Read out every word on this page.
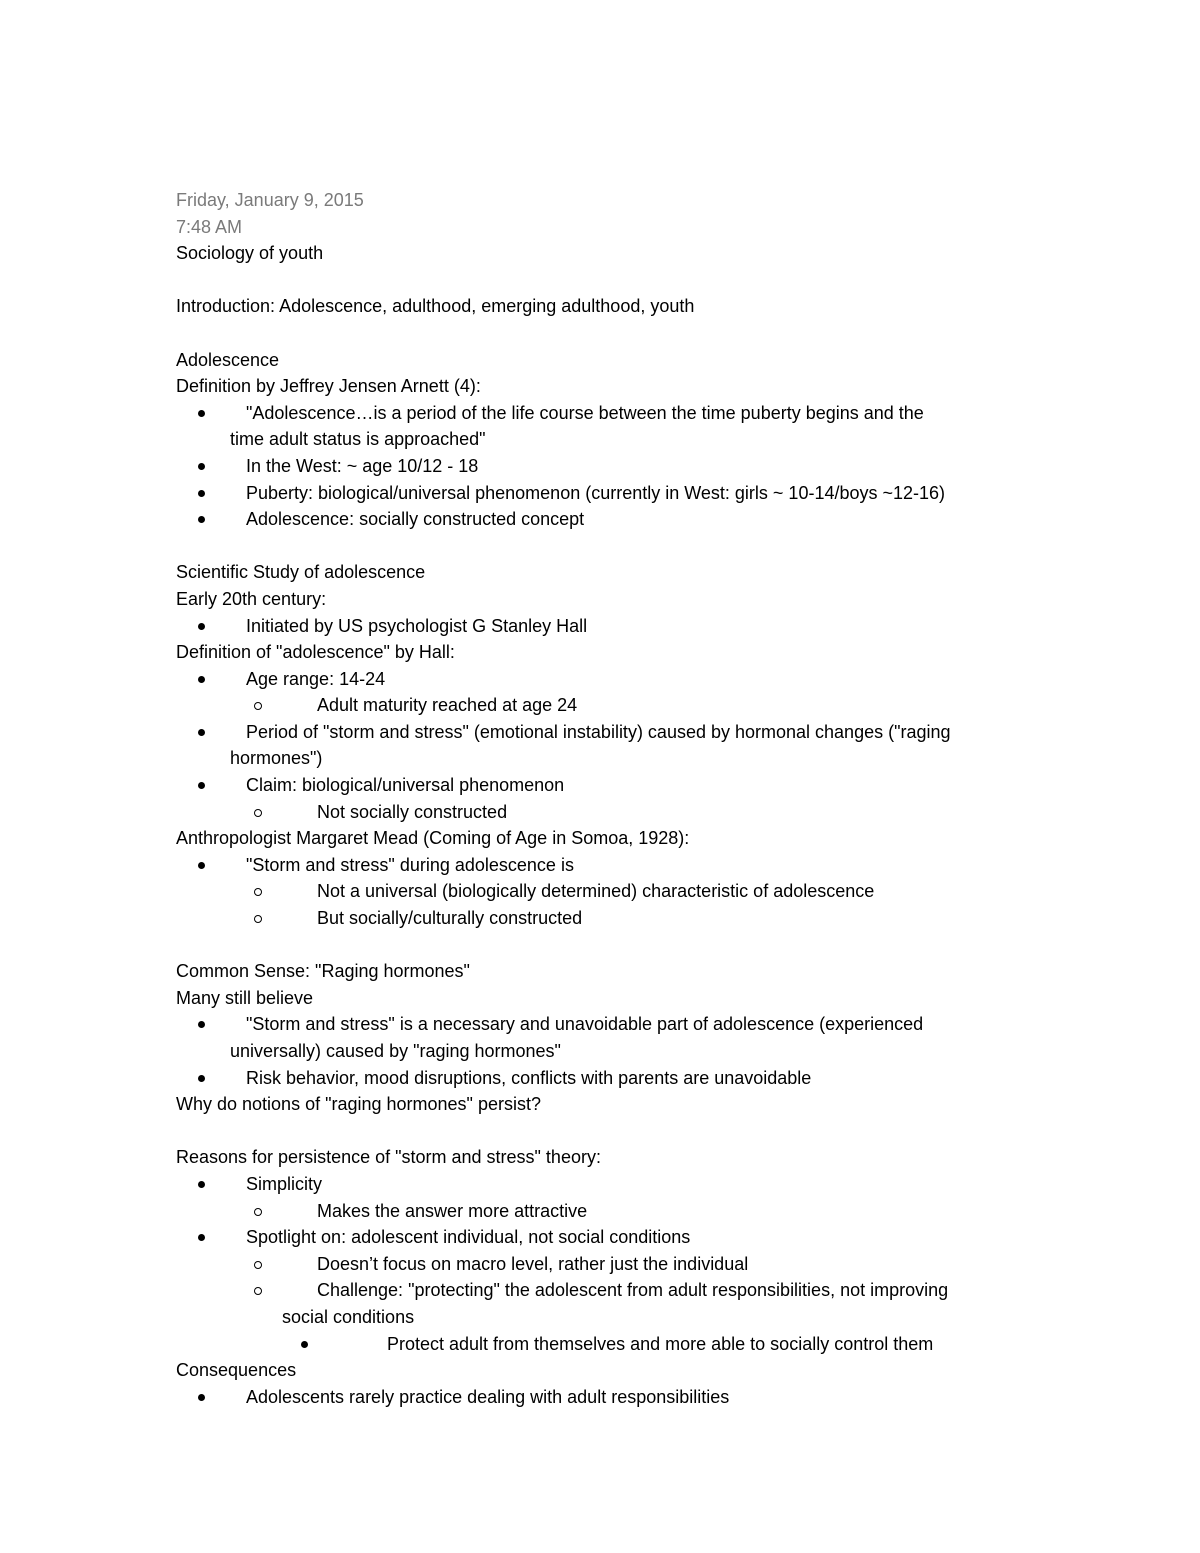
Friday, January 9, 2015
7:48 AM
Sociology of youth
Introduction: Adolescence, adulthood, emerging adulthood, youth
Adolescence
Definition by Jeffrey Jensen Arnett (4):
"Adolescence…is a period of the life course between the time puberty begins and the
time adult status is approached"
In the West: ~ age 10/12 - 18
Puberty: biological/universal phenomenon (currently in West: girls ~ 10-14/boys ~12-16)
Adolescence: socially constructed concept
Scientific Study of adolescence
Early 20th century:
Initiated by US psychologist G Stanley Hall
Definition of "adolescence" by Hall:
Age range: 14-24
Adult maturity reached at age 24
Period of "storm and stress" (emotional instability) caused by hormonal changes ("raging
hormones")
Claim: biological/universal phenomenon
Not socially constructed
Anthropologist Margaret Mead (Coming of Age in Somoa, 1928):
"Storm and stress" during adolescence is
Not a universal (biologically determined) characteristic of adolescence
But socially/culturally constructed
Common Sense: "Raging hormones"
Many still believe
"Storm and stress" is a necessary and unavoidable part of adolescence (experienced
universally) caused by "raging hormones"
Risk behavior, mood disruptions, conflicts with parents are unavoidable
Why do notions of "raging hormones" persist?
Reasons for persistence of "storm and stress" theory:
Simplicity
Makes the answer more attractive
Spotlight on: adolescent individual, not social conditions
Doesn’t focus on macro level, rather just the individual
Challenge: "protecting" the adolescent from adult responsibilities, not improving
social conditions
Protect adult from themselves and more able to socially control them
Consequences
Adolescents rarely practice dealing with adult responsibilities
